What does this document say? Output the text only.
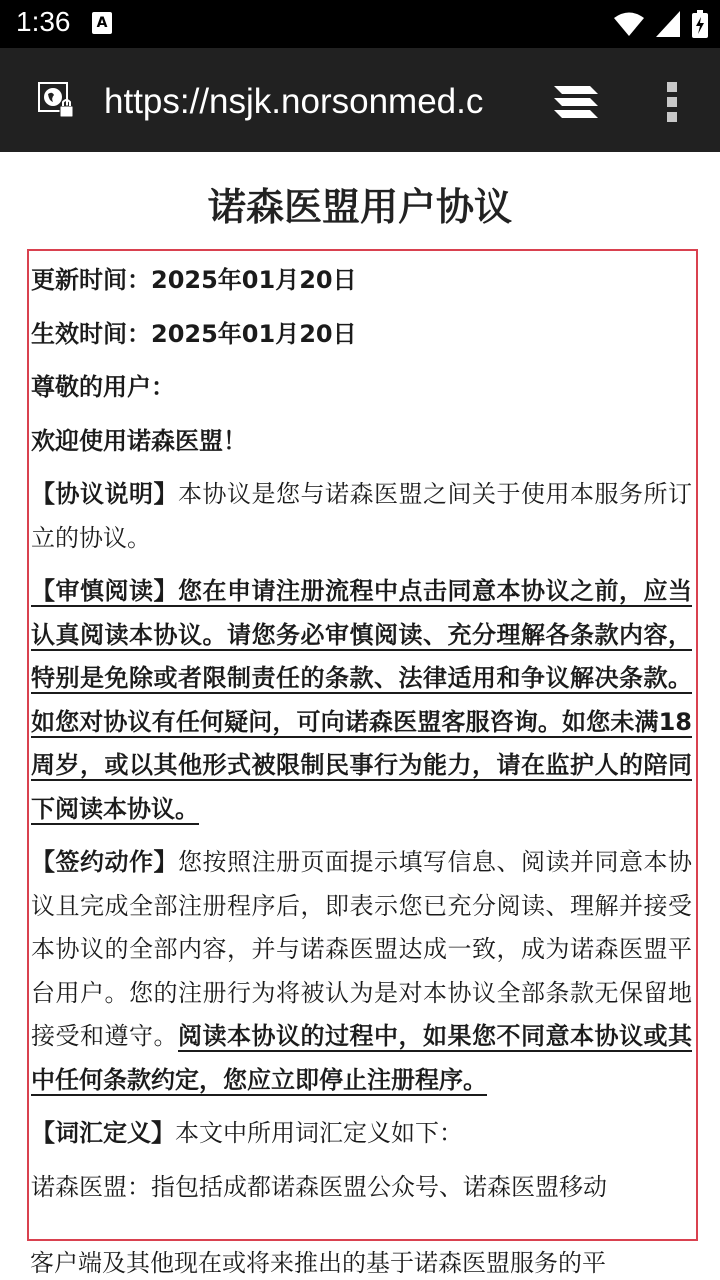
1:36	A
https://nsjk.norsonmed.c
诺森医盟用户协议

更新时间：2025年01月20日

生效时间：2025年01月20日

尊敬的用户：

欢迎使用诺森医盟！

【协议说明】本协议是您与诺森医盟之间关于使用本服务所订立的协议。

【审慎阅读】您在申请注册流程中点击同意本协议之前，应当认真阅读本协议。请您务必审慎阅读、充分理解各条款内容，特别是免除或者限制责任的条款、法律适用和争议解决条款。如您对协议有任何疑问，可向诺森医盟客服咨询。如您未满18周岁，或以其他形式被限制民事行为能力，请在监护人的陪同下阅读本协议。

【签约动作】您按照注册页面提示填写信息、阅读并同意本协议且完成全部注册程序后，即表示您已充分阅读、理解并接受本协议的全部内容，并与诺森医盟达成一致，成为诺森医盟平台用户。您的注册行为将被认为是对本协议全部条款无保留地接受和遵守。阅读本协议的过程中，如果您不同意本协议或其中任何条款约定，您应立即停止注册程序。

【词汇定义】本文中所用词汇定义如下：

诺森医盟：指包括成都诺森医盟公众号、诺森医盟移动

客户端及其他现在或将来推出的基于诺森医盟服务的平
